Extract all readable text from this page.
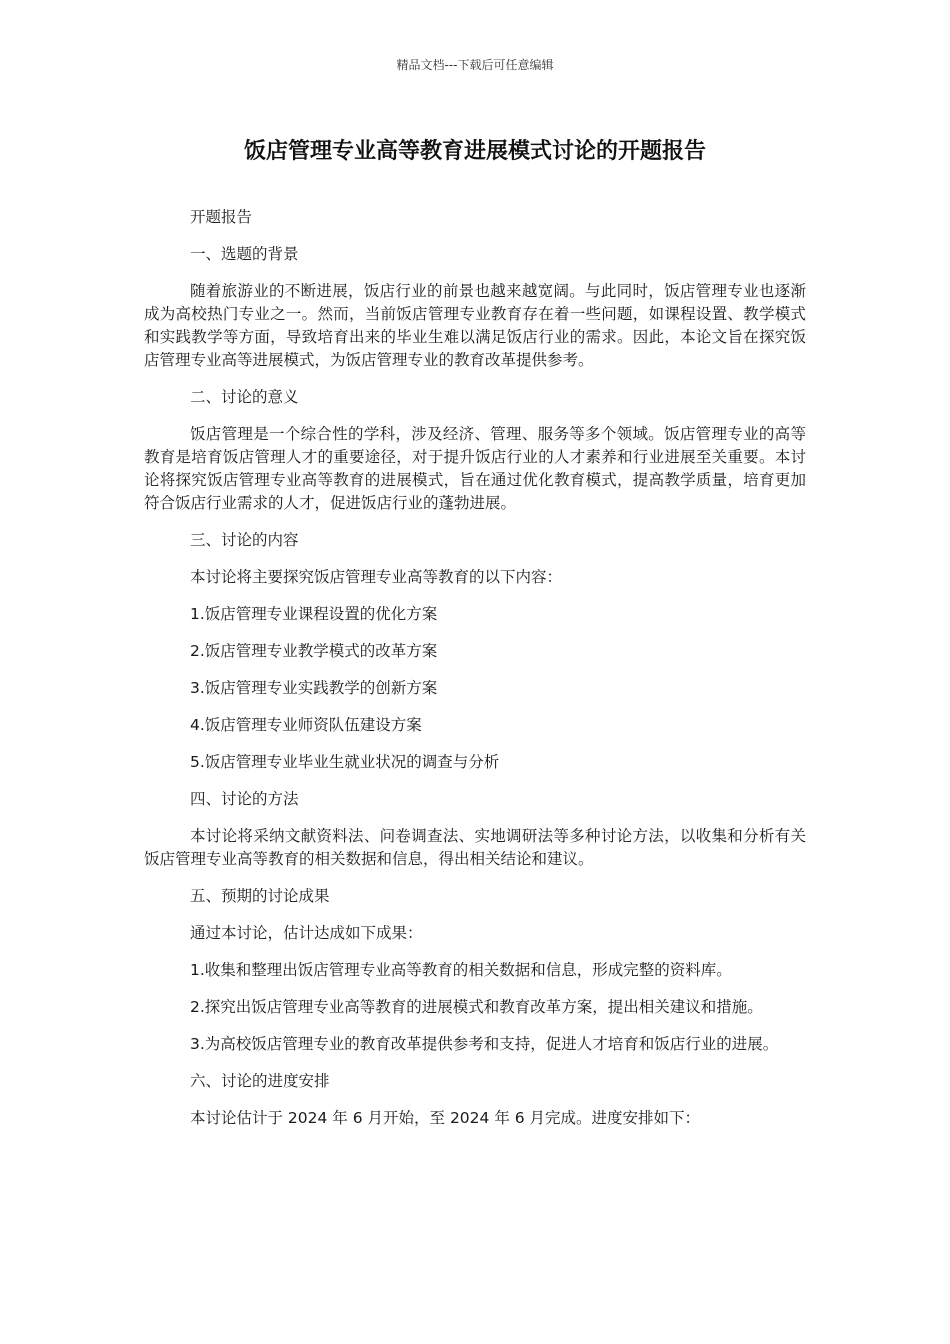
精品文档---下载后可任意编辑
饭店管理专业高等教育进展模式讨论的开题报告

开题报告

一、选题的背景

随着旅游业的不断进展，饭店行业的前景也越来越宽阔。与此同时，饭店管理专业也逐渐成为高校热门专业之一。然而，当前饭店管理专业教育存在着一些问题，如课程设置、教学模式和实践教学等方面，导致培育出来的毕业生难以满足饭店行业的需求。因此，本论文旨在探究饭店管理专业高等进展模式，为饭店管理专业的教育改革提供参考。

二、讨论的意义

饭店管理是一个综合性的学科，涉及经济、管理、服务等多个领域。饭店管理专业的高等教育是培育饭店管理人才的重要途径，对于提升饭店行业的人才素养和行业进展至关重要。本讨论将探究饭店管理专业高等教育的进展模式，旨在通过优化教育模式，提高教学质量，培育更加符合饭店行业需求的人才，促进饭店行业的蓬勃进展。

三、讨论的内容

本讨论将主要探究饭店管理专业高等教育的以下内容：

1.饭店管理专业课程设置的优化方案

2.饭店管理专业教学模式的改革方案

3.饭店管理专业实践教学的创新方案

4.饭店管理专业师资队伍建设方案

5.饭店管理专业毕业生就业状况的调查与分析

四、讨论的方法

本讨论将采纳文献资料法、问卷调查法、实地调研法等多种讨论方法，以收集和分析有关饭店管理专业高等教育的相关数据和信息，得出相关结论和建议。

五、预期的讨论成果

通过本讨论，估计达成如下成果：

1.收集和整理出饭店管理专业高等教育的相关数据和信息，形成完整的资料库。

2.探究出饭店管理专业高等教育的进展模式和教育改革方案，提出相关建议和措施。

3.为高校饭店管理专业的教育改革提供参考和支持，促进人才培育和饭店行业的进展。

六、讨论的进度安排

本讨论估计于 2024 年 6 月开始，至 2024 年 6 月完成。进度安排如下：
